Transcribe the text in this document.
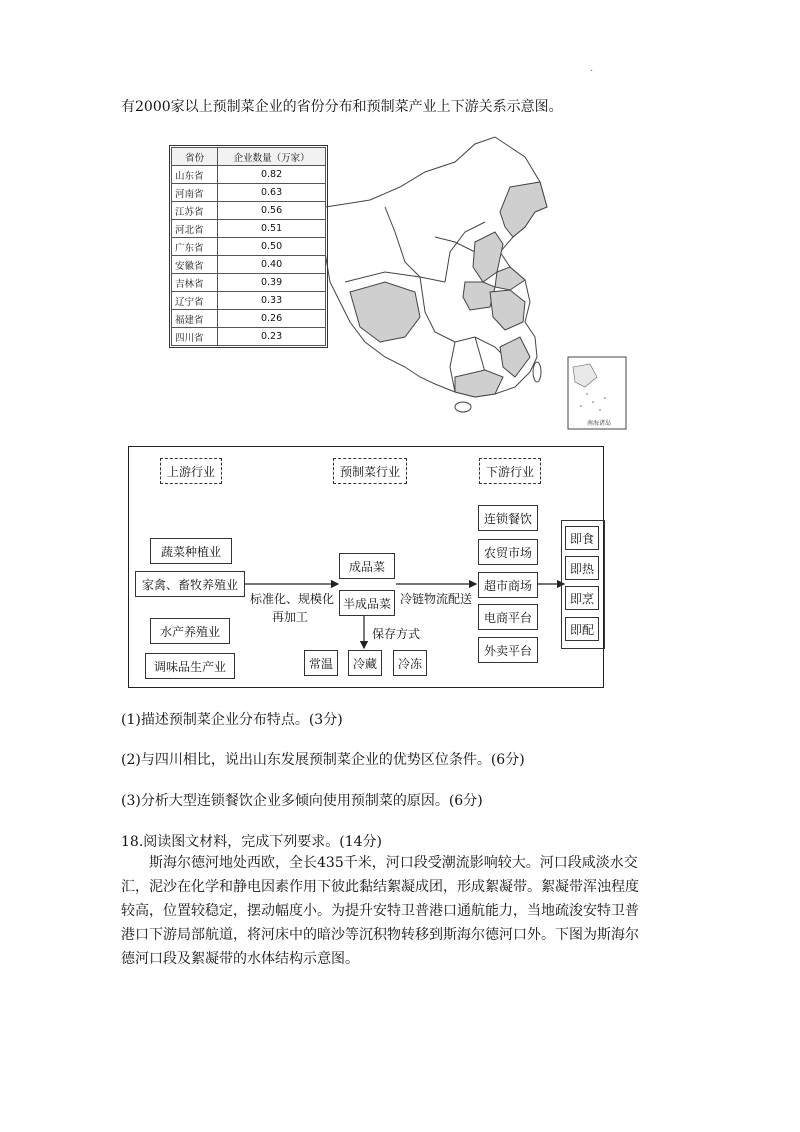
·
有2000家以上预制菜企业的省份分布和预制菜产业上下游关系示意图。
南海诸岛
省份	企业数量（万家）
山东省	0.82
河南省	0.63
江苏省	0.56
河北省	0.51
广东省	0.50
安徽省	0.40
吉林省	0.39
辽宁省	0.33
福建省	0.26
四川省	0.23
上游行业	预制菜行业	下游行业
蔬菜种植业
家禽、畜牧养殖业
水产养殖业
调味品生产业
标准化、规模化
再加工
成品菜
半成品菜 冷链物流配送
保存方式
常温	冷藏	冷冻
连锁餐饮
农贸市场
超市商场
电商平台
外卖平台
即食
即热
即烹
即配
(1)描述预制菜企业分布特点。(3分)
(2)与四川相比，说出山东发展预制菜企业的优势区位条件。(6分)
(3)分析大型连锁餐饮企业多倾向使用预制菜的原因。(6分)
18.阅读图文材料，完成下列要求。(14分)
　　斯海尔德河地处西欧，全长435千米，河口段受潮流影响较大。河口段咸淡水交
汇，泥沙在化学和静电因素作用下彼此黏结絮凝成团，形成絮凝带。絮凝带浑浊程度
较高，位置较稳定，摆动幅度小。为提升安特卫普港口通航能力，当地疏浚安特卫普
港口下游局部航道，将河床中的暗沙等沉积物转移到斯海尔德河口外。下图为斯海尔
德河口段及絮凝带的水体结构示意图。
